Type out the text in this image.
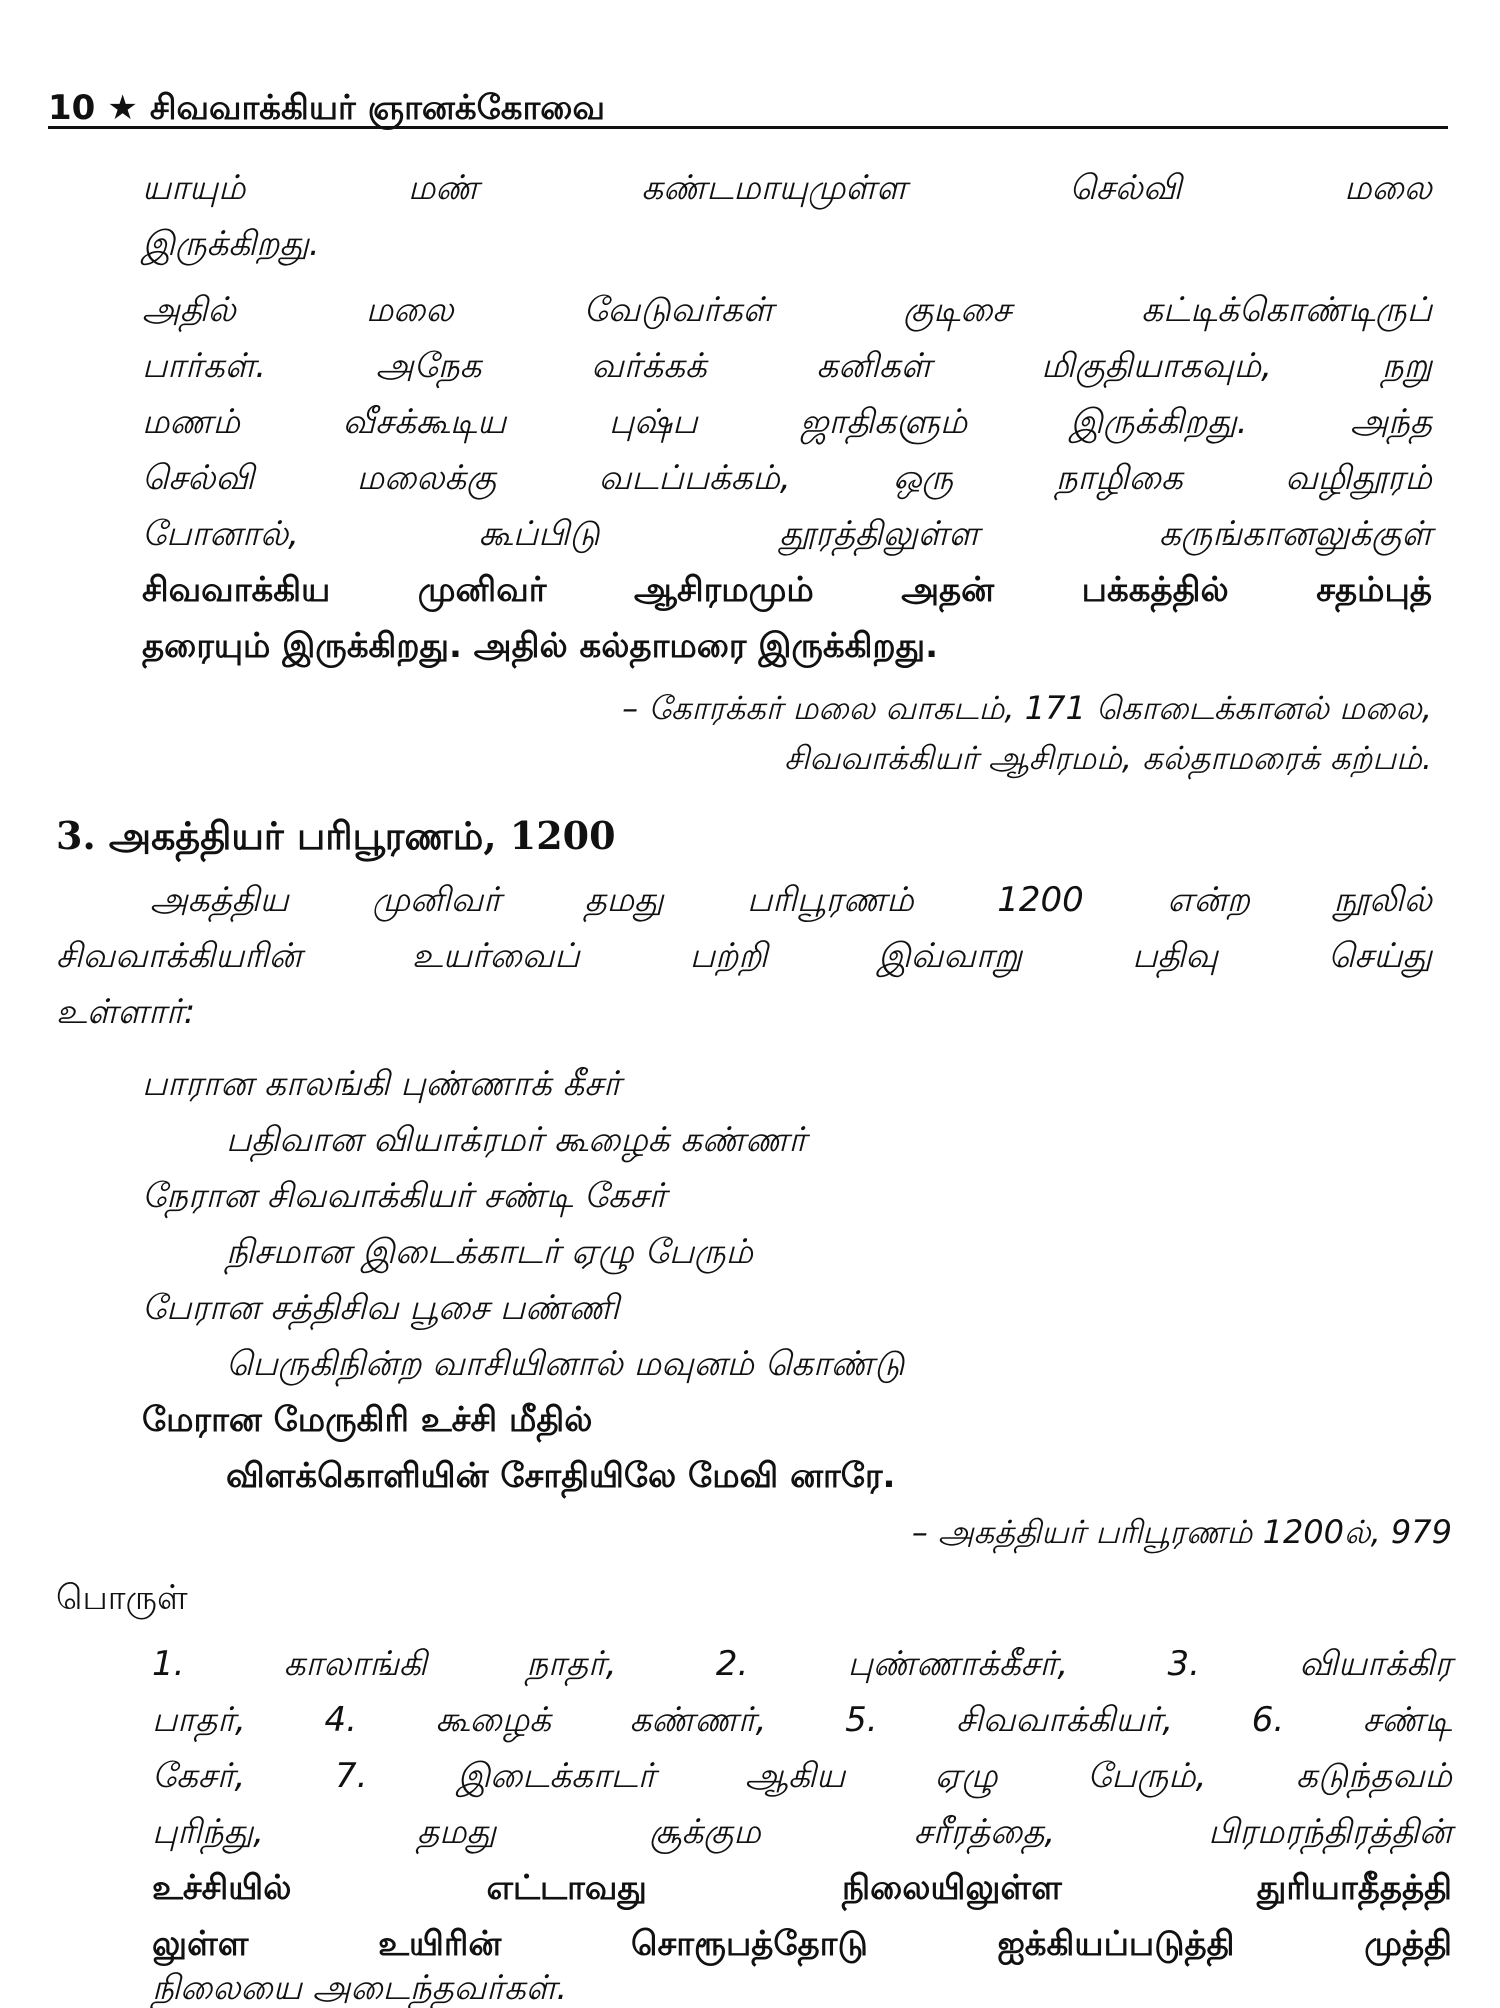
10 ★ சிவவாக்கியர் ஞானக்கோவை
யாயும் மண் கண்டமாயுமுள்ள செல்வி மலை
இருக்கிறது.
அதில் மலை வேடுவர்கள் குடிசை கட்டிக்கொண்டிருப்
பார்கள். அநேக வர்க்கக் கனிகள் மிகுதியாகவும், நறு
மணம் வீசக்கூடிய புஷ்ப ஜாதிகளும் இருக்கிறது. அந்த
செல்வி மலைக்கு வடப்பக்கம், ஒரு நாழிகை வழிதூரம்
போனால், கூப்பிடு தூரத்திலுள்ள கருங்கானலுக்குள்
சிவவாக்கிய முனிவர் ஆசிரமமும் அதன் பக்கத்தில் சதம்புத்
தரையும் இருக்கிறது. அதில் கல்தாமரை இருக்கிறது.
– கோரக்கர் மலை வாகடம், 171 கொடைக்கானல் மலை,
சிவவாக்கியர் ஆசிரமம், கல்தாமரைக் கற்பம்.
3. அகத்தியர் பரிபூரணம், 1200
அகத்திய முனிவர் தமது பரிபூரணம் 1200 என்ற நூலில்
சிவவாக்கியரின் உயர்வைப் பற்றி இவ்வாறு பதிவு செய்து
உள்ளார்:
பாரான காலங்கி புண்ணாக் கீசர்
பதிவான வியாக்ரமர் கூழைக் கண்ணர்
நேரான சிவவாக்கியர் சண்டி கேசர்
நிசமான இடைக்காடர் ஏழு பேரும்
பேரான சத்திசிவ பூசை பண்ணி
பெருகிநின்ற வாசியினால் மவுனம் கொண்டு
மேரான மேருகிரி உச்சி மீதில்
விளக்கொளியின் சோதியிலே மேவி னாரே.
– அகத்தியர் பரிபூரணம் 1200ல், 979
பொருள்
1. காலாங்கி நாதர், 2. புண்ணாக்கீசர், 3. வியாக்கிர
பாதர், 4. கூழைக் கண்ணர், 5. சிவவாக்கியர், 6. சண்டி
கேசர், 7. இடைக்காடர் ஆகிய ஏழு பேரும், கடுந்தவம்
புரிந்து, தமது சூக்கும சரீரத்தை, பிரமரந்திரத்தின்
உச்சியில் எட்டாவது நிலையிலுள்ள துரியாதீதத்தி
லுள்ள உயிரின் சொரூபத்தோடு ஐக்கியப்படுத்தி முத்தி
நிலையை அடைந்தவர்கள்.
